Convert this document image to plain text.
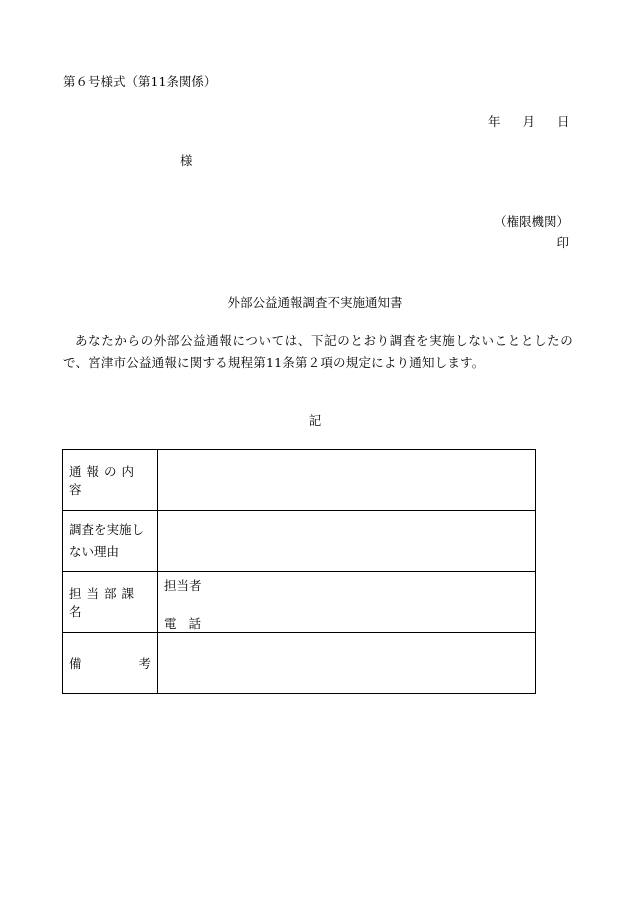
第６号様式（第11条関係）
年 月 日
様
（権限機関）
印
外部公益通報調査不実施通知書
あなたからの外部公益通報については、下記のとおり調査を実施しないこととしたので、宮津市公益通報に関する規程第11条第２項の規定により通知します。
記
通報の内容	

調査を実施し
ない理由	

担当部課名	担当者
電 話

備 考	
